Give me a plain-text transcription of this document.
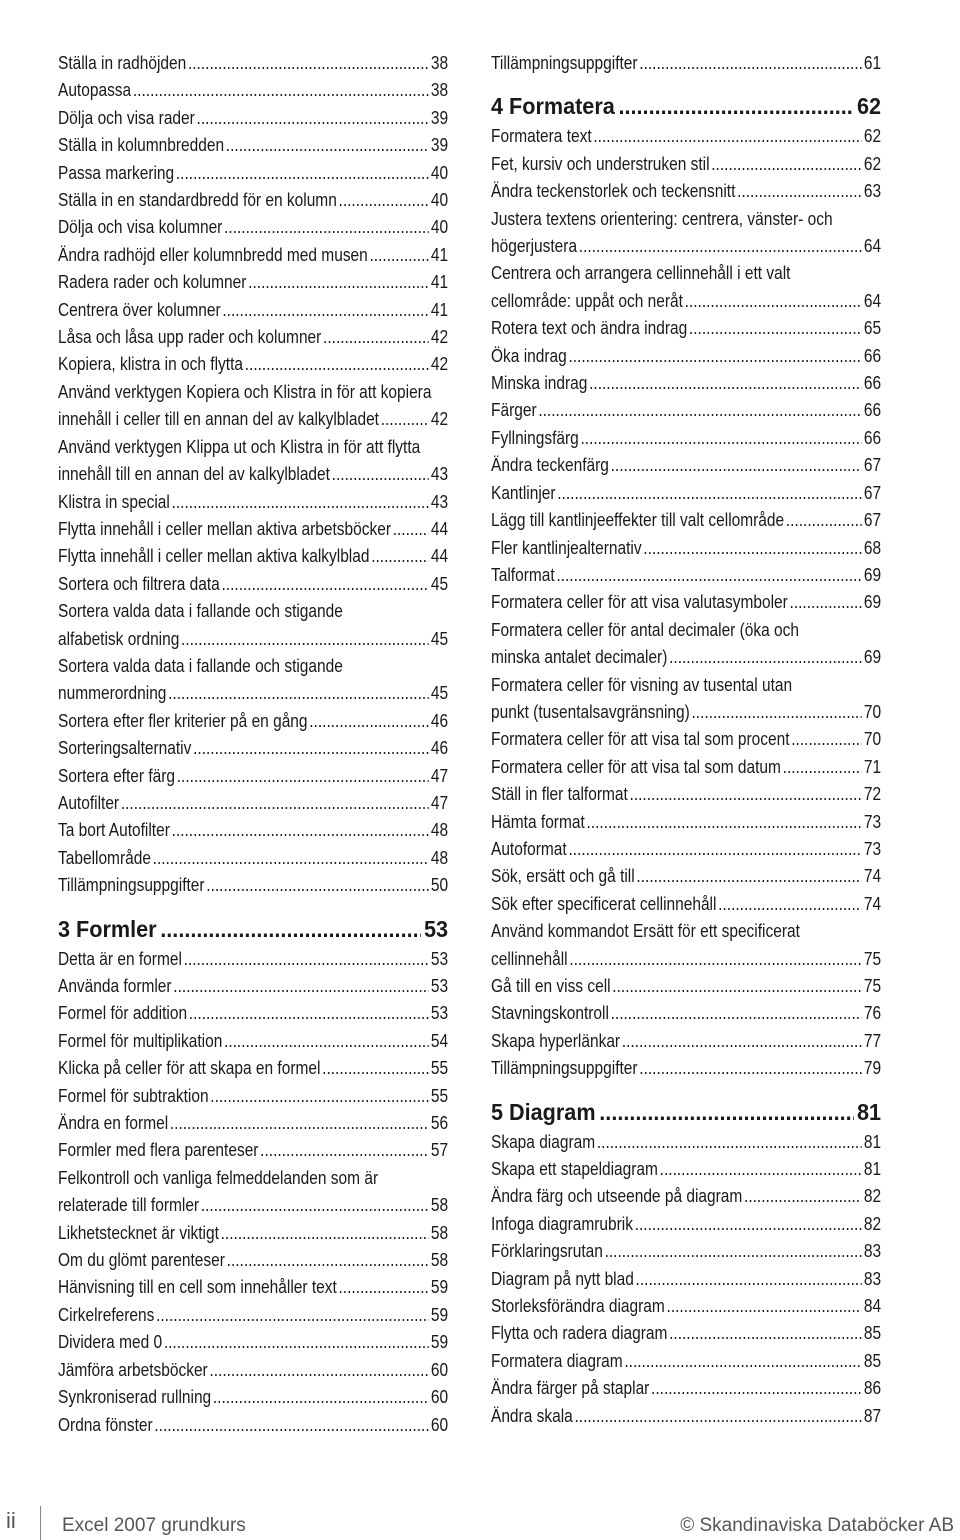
Ställa in radhöjden .....	38
Autopassa .....	38
Dölja och visa rader .....	39
Ställa in kolumnbredden .....	39
Passa markering .....	40
Ställa in en standardbredd för en kolumn .....	40
Dölja och visa kolumner .....	40
Ändra radhöjd eller kolumnbredd med musen .....	41
Radera rader och kolumner .....	41
Centrera över kolumner .....	41
Låsa och låsa upp rader och kolumner .....	42
Kopiera, klistra in och flytta .....	42
Använd verktygen Kopiera och Klistra in för att kopiera
innehåll i celler till en annan del av kalkylbladet .....	42
Använd verktygen Klippa ut och Klistra in för att flytta
innehåll till en annan del av kalkylbladet .....	43
Klistra in special .....	43
Flytta innehåll i celler mellan aktiva arbetsböcker ..... 44
Flytta innehåll i celler mellan aktiva kalkylblad .....	44
Sortera och filtrera data .....	45
Sortera valda data i fallande och stigande
alfabetisk ordning .....	45
Sortera valda data i fallande och stigande
nummerordning .....	45
Sortera efter fler kriterier på en gång .....	46
Sorteringsalternativ .....	46
Sortera efter färg .....	47
Autofilter .....	47
Ta bort Autofilter .....	48
Tabellområde .....	48
Tillämpningsuppgifter .....	50
3 Formler .....	53
Detta är en formel .....	53
Använda formler .....	53
Formel för addition .....	53
Formel för multiplikation .....	54
Klicka på celler för att skapa en formel .....	55
Formel för subtraktion .....	55
Ändra en formel .....	56
Formler med flera parenteser .....	57
Felkontroll och vanliga felmeddelanden som är
relaterade till formler .....	58
Likhetstecknet är viktigt .....	58
Om du glömt parenteser .....	58
Hänvisning till en cell som innehåller text .....	59
Cirkelreferens .....	59
Dividera med 0 .....	59
Jämföra arbetsböcker .....	60
Synkroniserad rullning .....	60
Ordna fönster .....	60
Tillämpningsuppgifter .....	61
4 Formatera .....	62
Formatera text .....	62
Fet, kursiv och understruken stil .....	62
Ändra teckenstorlek och teckensnitt .....	63
Justera textens orientering: centrera, vänster- och
högerjustera .....	64
Centrera och arrangera cellinnehåll i ett valt
cellområde: uppåt och neråt .....	64
Rotera text och ändra indrag .....	65
Öka indrag .....	66
Minska indrag .....	66
Färger .....	66
Fyllningsfärg .....	66
Ändra teckenfärg .....	67
Kantlinjer .....	67
Lägg till kantlinjeeffekter till valt cellområde .....	67
Fler kantlinjealternativ .....	68
Talformat .....	69
Formatera celler för att visa valutasymboler .....	69
Formatera celler för antal decimaler (öka och
minska antalet decimaler) .....	69
Formatera celler för visning av tusental utan
punkt (tusentalsavgränsning) .....	70
Formatera celler för att visa tal som procent .....	70
Formatera celler för att visa tal som datum .....	71
Ställ in fler talformat .....	72
Hämta format .....	73
Autoformat .....	73
Sök, ersätt och gå till .....	74
Sök efter specificerat cellinnehåll .....	74
Använd kommandot Ersätt för ett specificerat
cellinnehåll .....	75
Gå till en viss cell .....	75
Stavningskontroll .....	76
Skapa hyperlänkar .....	77
Tillämpningsuppgifter .....	79
5 Diagram .....	81
Skapa diagram .....	81
Skapa ett stapeldiagram .....	81
Ändra färg och utseende på diagram .....	82
Infoga diagramrubrik .....	82
Förklaringsrutan .....	83
Diagram på nytt blad .....	83
Storleksförändra diagram .....	84
Flytta och radera diagram .....	85
Formatera diagram .....	85
Ändra färger på staplar .....	86
Ändra skala .....	87
ii Excel 2007 grundkurs	© Skandinaviska Databöcker AB
